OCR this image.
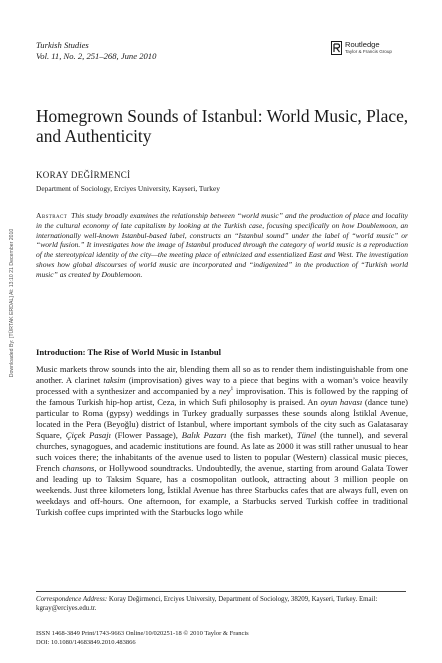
Downloaded By: [TÜRTAK ERDAL] At: 13:10 21 December 2010
Turkish Studies
Vol. 11, No. 2, 251–268, June 2010
Routledge
Taylor & Francis Group
Homegrown Sounds of Istanbul: World Music, Place, and Authenticity
KORAY DEĞİRMENCİ
Department of Sociology, Erciyes University, Kayseri, Turkey
Abstract This study broadly examines the relationship between “world music” and the production of place and locality in the cultural economy of late capitalism by looking at the Turkish case, focusing specifically on how Doublemoon, an internationally well-known Istanbul-based label, constructs an “Istanbul sound” under the label of “world music” or “world fusion.” It investigates how the image of Istanbul produced through the category of world music is a reproduction of the stereotypical identity of the city—the meeting place of ethnicized and essentialized East and West. The investigation shows how global discourses of world music are incorporated and “indigenized” in the production of “Turkish world music” as created by Doublemoon.
Introduction: The Rise of World Music in Istanbul
Music markets throw sounds into the air, blending them all so as to render them indistinguishable from one another. A clarinet taksim (improvisation) gives way to a piece that begins with a woman’s voice heavily processed with a synthesizer and accompanied by a ney$^1$ improvisation. This is followed by the rapping of the famous Turkish hip-hop artist, Ceza, in which Sufi philosophy is praised. An oyun havası (dance tune) particular to Roma (gypsy) weddings in Turkey gradually surpasses these sounds along İstiklal Avenue, located in the Pera (Beyoğlu) district of Istanbul, where important symbols of the city such as Galatasaray Square, Çiçek Pasajı (Flower Passage), Balık Pazarı (the fish market), Tünel (the tunnel), and several churches, synagogues, and academic institutions are found. As late as 2000 it was still rather unusual to hear such voices there; the inhabitants of the avenue used to listen to popular (Western) classical music pieces, French chansons, or Hollywood soundtracks. Undoubtedly, the avenue, starting from around Galata Tower and leading up to Taksim Square, has a cosmopolitan outlook, attracting about 3 million people on weekends. Just three kilometers long, İstiklal Avenue has three Starbucks cafes that are always full, even on weekdays and off-hours. One afternoon, for example, a Starbucks served Turkish coffee in traditional Turkish coffee cups imprinted with the Starbucks logo while
Correspondence Address: Koray Değirmenci, Erciyes University, Department of Sociology, 38209, Kayseri, Turkey. Email: kgray@erciyes.edu.tr.
ISSN 1468-3849 Print/1743-9663 Online/10/020251-18 © 2010 Taylor & Francis
DOI: 10.1080/14683849.2010.483866
